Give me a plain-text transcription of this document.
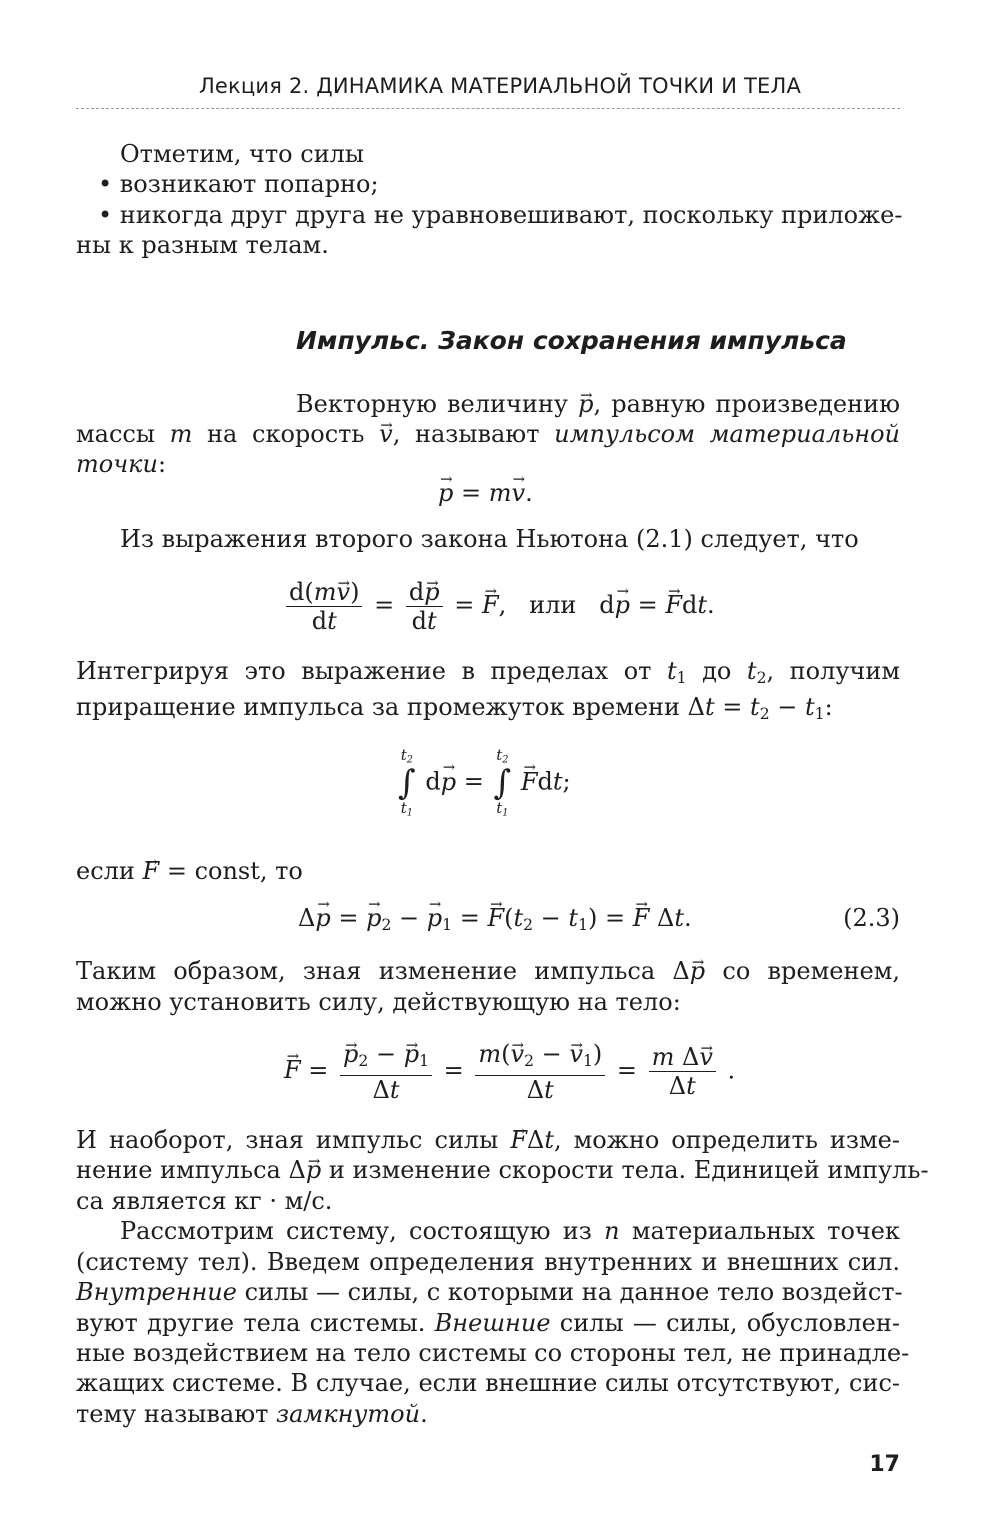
Лекция 2. ДИНАМИКА МАТЕРИАЛЬНОЙ ТОЧКИ И ТЕЛА
Отметим, что силы
• возникают попарно;
• никогда друг друга не уравновешивают, поскольку приложе-
ны к разным телам.
Импульс. Закон сохранения импульса
Векторную величину → p, равную произведению
массы m на скорость → v, называют импульсом материальной
точки:
→ p = m→ v.
Из выражения второго закона Ньютона (2.1) следует, что
$\frac{d(m\to v)}{dt} = \frac{d\to p}{dt}$ = → F,   или   d→ p = → Fdt.
Интегрируя это выражение в пределах от $t_1$ до $t_2$, получим
приращение импульса за промежуток времени $\Delta t = t_2 - t_1$:
$t_2$
∫
$t_1$
d→ p =
$t_2$
∫
$t_1$
→ Fdt;
если → F = const, то
Δ→ p = → $p_2$ − → $p_1$ = → $F(t_2 - t_1)$ = → F Δt.	(2.3)
Таким образом, зная изменение импульса Δ→ p со временем,
можно установить силу, действующую на тело:
→ F = → $\frac{p_2 - \to p_1}{\Delta t} = \frac{m(\to v_2 - \to v_1)}{\Delta t} = \frac{\text{m Δ→ v}}{\Delta t}$ .
И наоборот, зная импульс силы → FΔt, можно определить изме-
нение импульса Δ→ p и изменение скорости тела. Единицей импуль-
са является кг · м/с.
Рассмотрим систему, состоящую из n материальных точек
(систему тел). Введем определения внутренних и внешних сил.
Внутренние силы — силы, с которыми на данное тело воздейст-
вуют другие тела системы. Внешние силы — силы, обусловлен-
ные воздействием на тело системы со стороны тел, не принадле-
жащих системе. В случае, если внешние силы отсутствуют, сис-
тему называют замкнутой.
17
